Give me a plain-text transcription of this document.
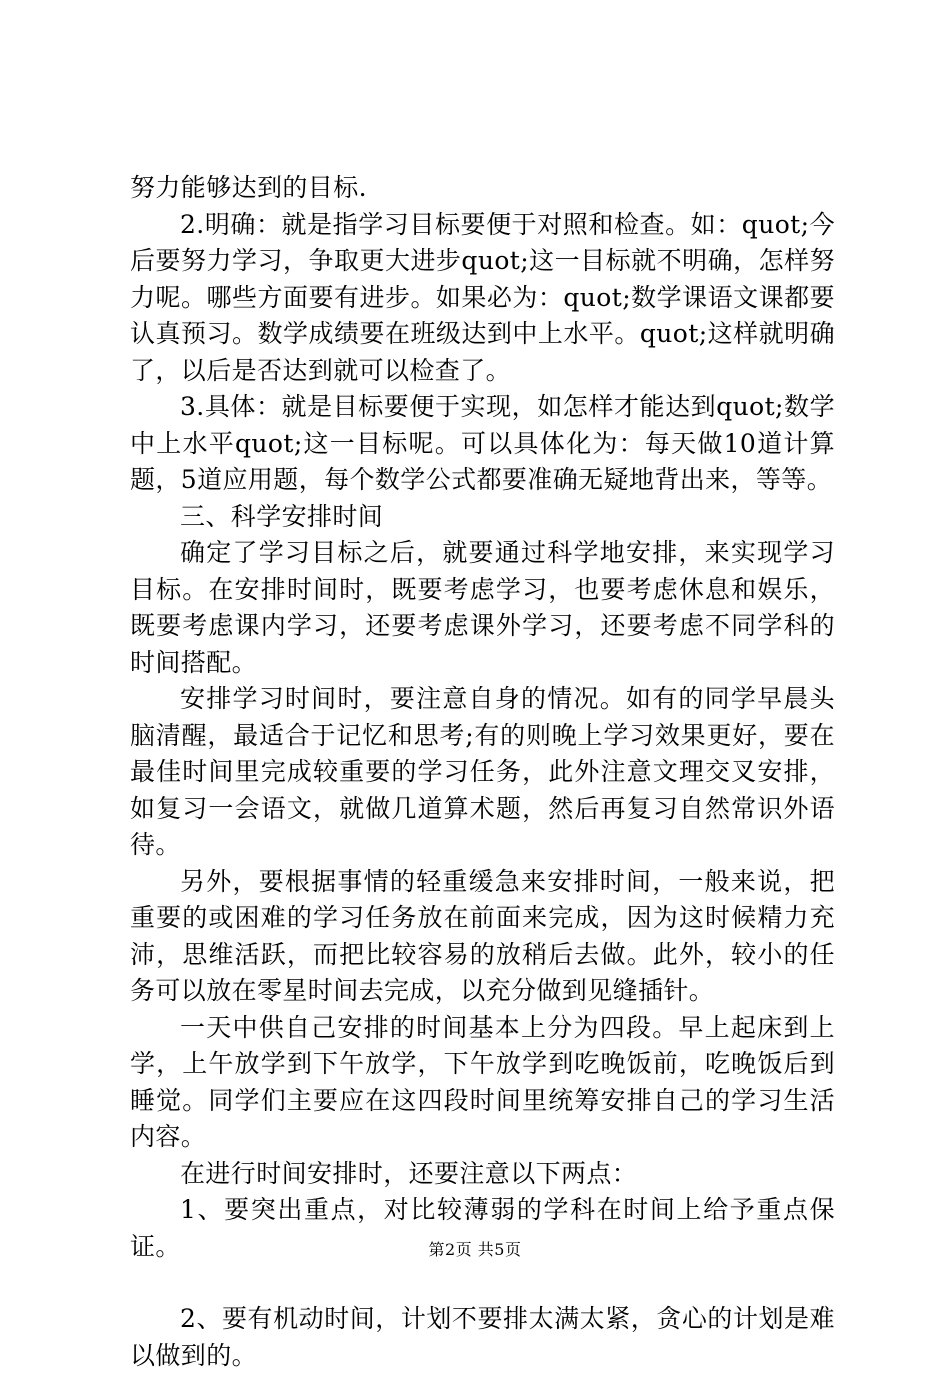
努力能够达到的目标.

2.明确：就是指学习目标要便于对照和检查。如：quot;今后要努力学习，争取更大进步quot;这一目标就不明确，怎样努力呢。哪些方面要有进步。如果必为：quot;数学课语文课都要认真预习。数学成绩要在班级达到中上水平。quot;这样就明确了，以后是否达到就可以检查了。

3.具体：就是目标要便于实现，如怎样才能达到quot;数学中上水平quot;这一目标呢。可以具体化为：每天做10道计算题，5道应用题，每个数学公式都要准确无疑地背出来，等等。

三、科学安排时间

确定了学习目标之后，就要通过科学地安排，来实现学习目标。在安排时间时，既要考虑学习，也要考虑休息和娱乐，既要考虑课内学习，还要考虑课外学习，还要考虑不同学科的时间搭配。

安排学习时间时，要注意自身的情况。如有的同学早晨头脑清醒，最适合于记忆和思考;有的则晚上学习效果更好，要在最佳时间里完成较重要的学习任务，此外注意文理交叉安排，如复习一会语文，就做几道算术题，然后再复习自然常识外语待。

另外，要根据事情的轻重缓急来安排时间，一般来说，把重要的或困难的学习任务放在前面来完成，因为这时候精力充沛，思维活跃，而把比较容易的放稍后去做。此外，较小的任务可以放在零星时间去完成，以充分做到见缝插针。

一天中供自己安排的时间基本上分为四段。早上起床到上学，上午放学到下午放学，下午放学到吃晚饭前，吃晚饭后到睡觉。同学们主要应在这四段时间里统筹安排自己的学习生活内容。

在进行时间安排时，还要注意以下两点：

1、要突出重点，对比较薄弱的学科在时间上给予重点保证。

2、要有机动时间，计划不要排太满太紧，贪心的计划是难以做到的。

第2页 共5页
